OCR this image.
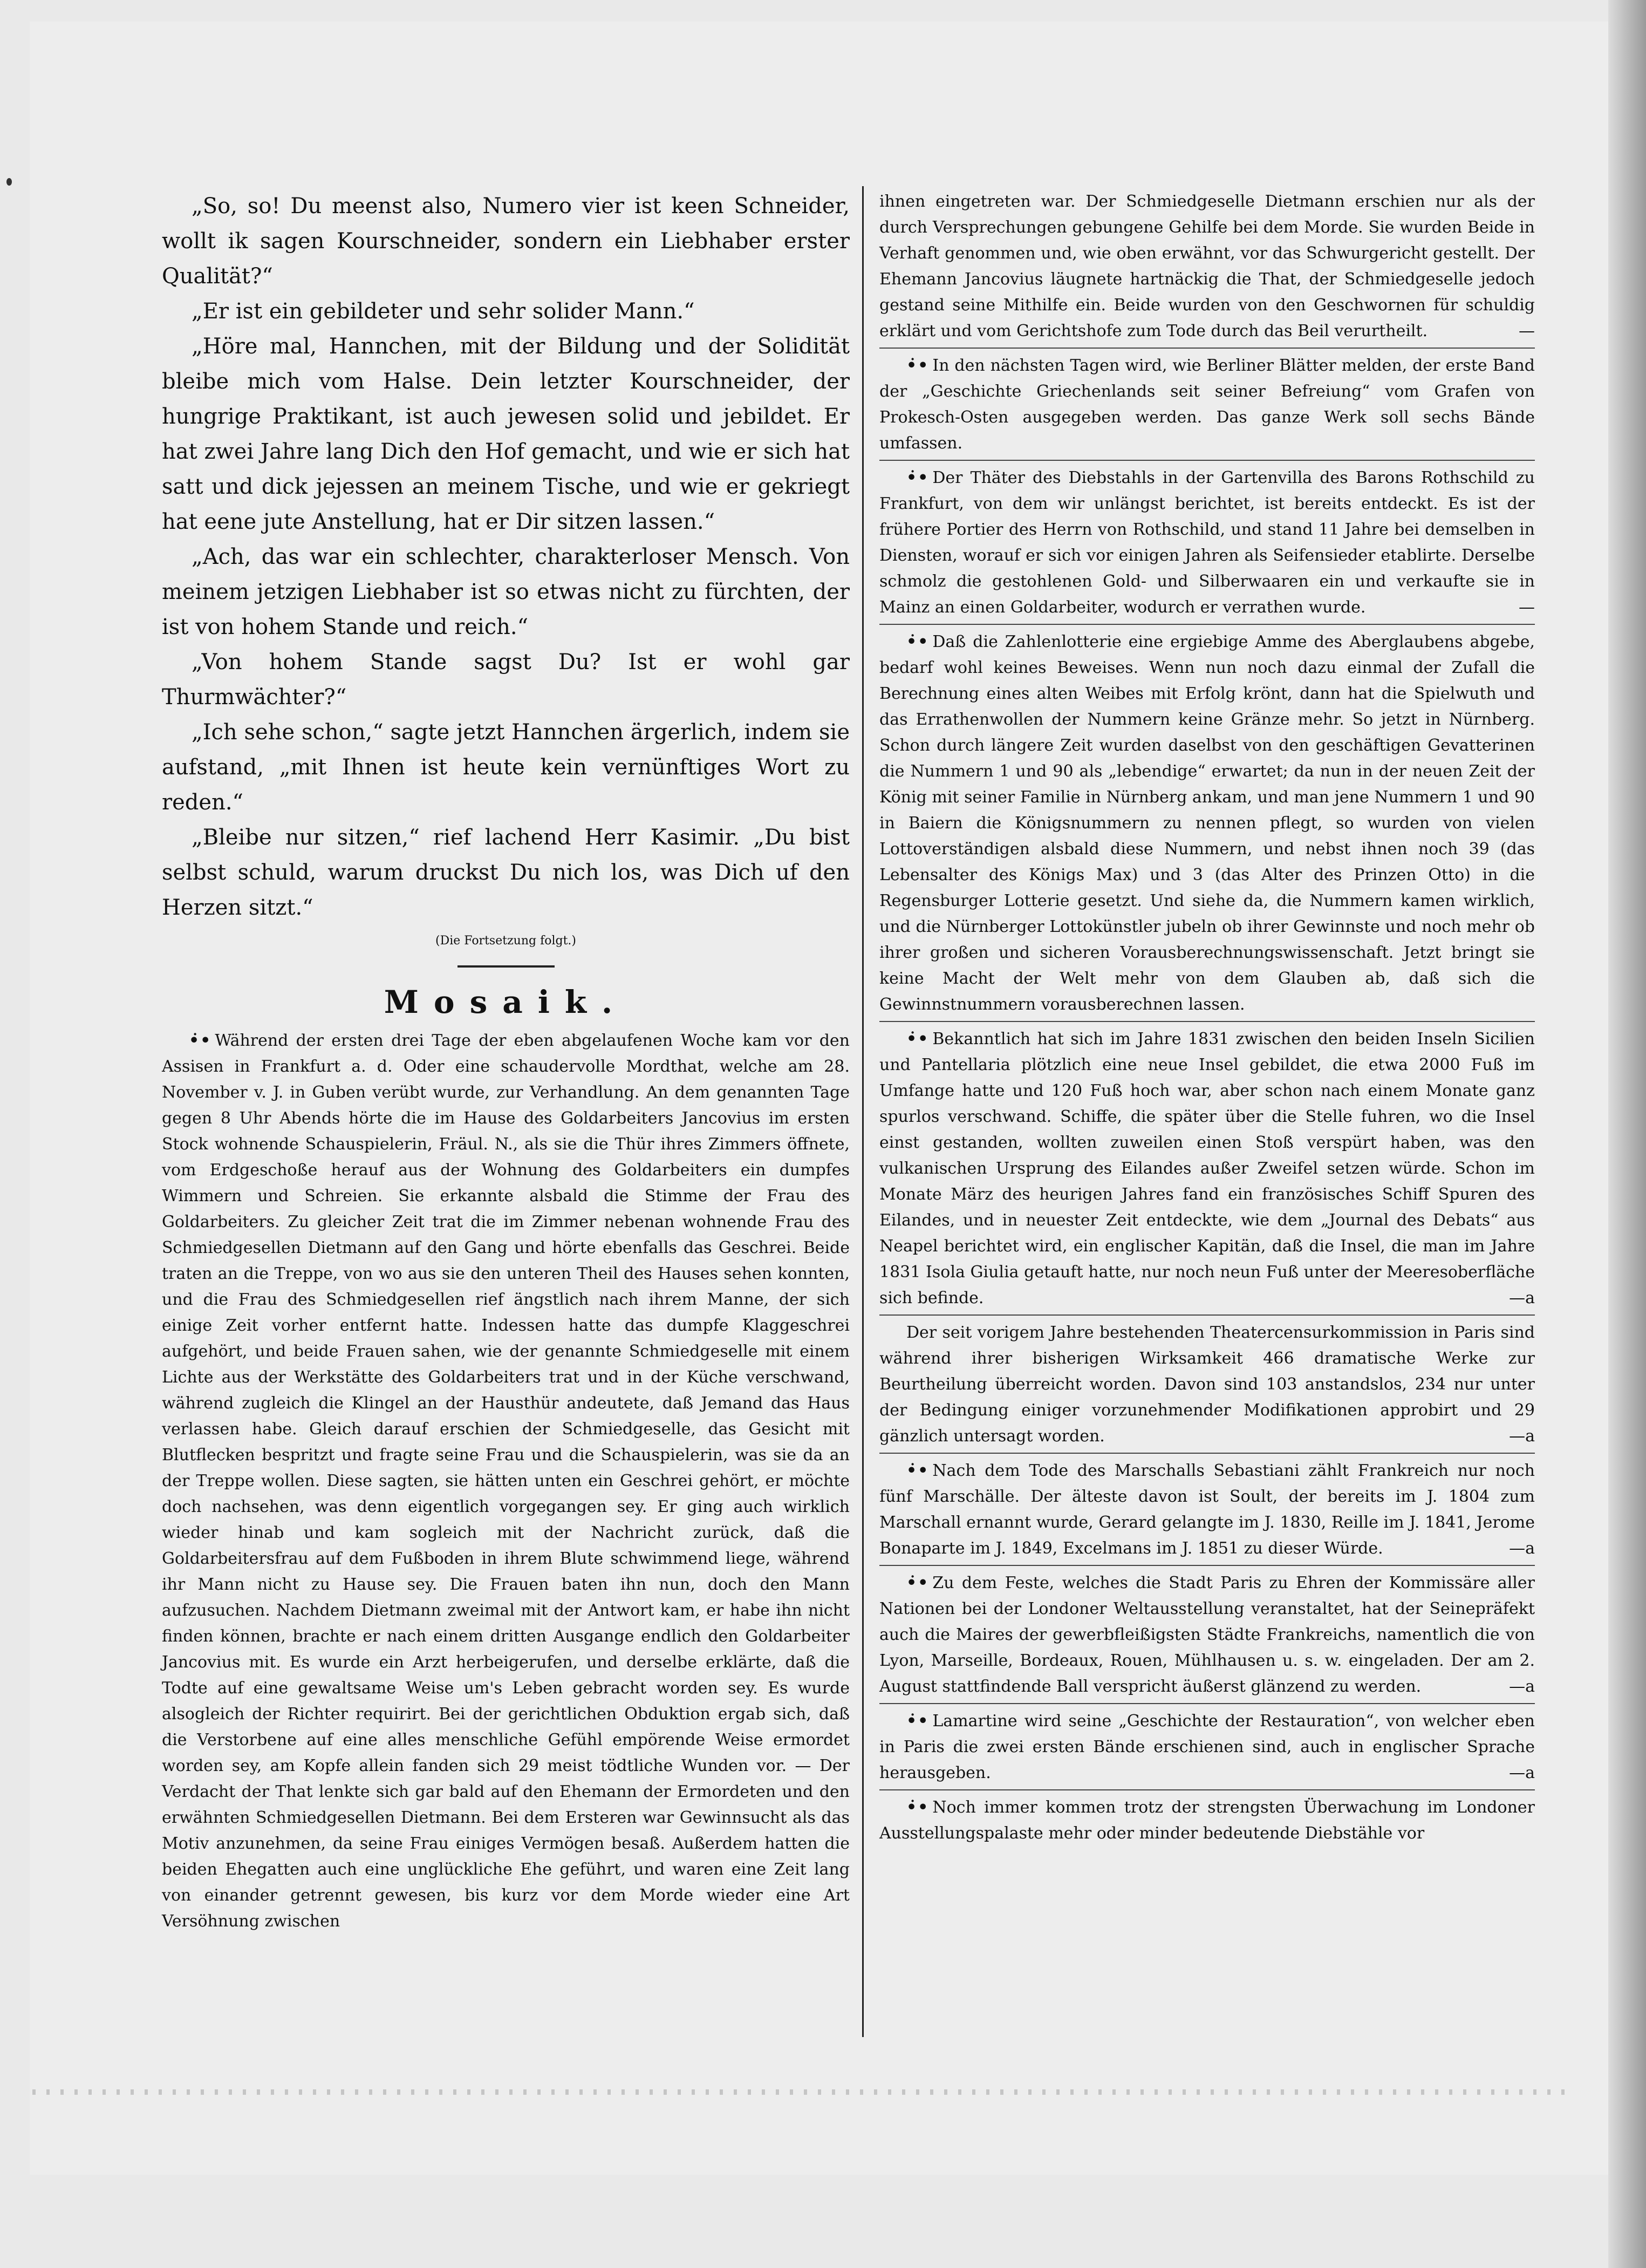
„So, so! Du meenst also, Numero vier ist keen Schneider, wollt ik sagen Kourschneider, sondern ein Liebhaber erster Qualität?“

„Er ist ein gebildeter und sehr solider Mann.“

„Höre mal, Hannchen, mit der Bildung und der Solidität bleibe mich vom Halse. Dein letzter Kourschneider, der hungrige Praktikant, ist auch jewesen solid und jebildet. Er hat zwei Jahre lang Dich den Hof gemacht, und wie er sich hat satt und dick jejessen an meinem Tische, und wie er gekriegt hat eene jute Anstellung, hat er Dir sitzen lassen.“

„Ach, das war ein schlechter, charakterloser Mensch. Von meinem jetzigen Liebhaber ist so etwas nicht zu fürchten, der ist von hohem Stande und reich.“

„Von hohem Stande sagst Du? Ist er wohl gar Thurmwächter?“

„Ich sehe schon,“ sagte jetzt Hannchen ärgerlich, indem sie aufstand, „mit Ihnen ist heute kein vernünftiges Wort zu reden.“

„Bleibe nur sitzen,“ rief lachend Herr Kasimir. „Du bist selbst schuld, warum druckst Du nich los, was Dich uf den Herzen sitzt.“

(Die Fortsetzung folgt.)
Mosaik.

•̇• Während der ersten drei Tage der eben abgelaufenen Woche kam vor den Assisen in Frankfurt a. d. Oder eine schaudervolle Mordthat, welche am 28. November v. J. in Guben verübt wurde, zur Verhandlung. An dem genannten Tage gegen 8 Uhr Abends hörte die im Hause des Goldarbeiters Jancovius im ersten Stock wohnende Schauspielerin, Fräul. N., als sie die Thür ihres Zimmers öffnete, vom Erdgeschoße herauf aus der Wohnung des Goldarbeiters ein dumpfes Wimmern und Schreien. Sie erkannte alsbald die Stimme der Frau des Goldarbeiters. Zu gleicher Zeit trat die im Zimmer nebenan wohnende Frau des Schmiedgesellen Dietmann auf den Gang und hörte ebenfalls das Geschrei. Beide traten an die Treppe, von wo aus sie den unteren Theil des Hauses sehen konnten, und die Frau des Schmiedgesellen rief ängstlich nach ihrem Manne, der sich einige Zeit vorher entfernt hatte. Indessen hatte das dumpfe Klaggeschrei aufgehört, und beide Frauen sahen, wie der genannte Schmiedgeselle mit einem Lichte aus der Werkstätte des Goldarbeiters trat und in der Küche verschwand, während zugleich die Klingel an der Hausthür andeutete, daß Jemand das Haus verlassen habe. Gleich darauf erschien der Schmiedgeselle, das Gesicht mit Blutflecken bespritzt und fragte seine Frau und die Schauspielerin, was sie da an der Treppe wollen. Diese sagten, sie hätten unten ein Geschrei gehört, er möchte doch nachsehen, was denn eigentlich vorgegangen sey. Er ging auch wirklich wieder hinab und kam sogleich mit der Nachricht zurück, daß die Goldarbeitersfrau auf dem Fußboden in ihrem Blute schwimmend liege, während ihr Mann nicht zu Hause sey. Die Frauen baten ihn nun, doch den Mann aufzusuchen. Nachdem Dietmann zweimal mit der Antwort kam, er habe ihn nicht finden können, brachte er nach einem dritten Ausgange endlich den Goldarbeiter Jancovius mit. Es wurde ein Arzt herbeigerufen, und derselbe erklärte, daß die Todte auf eine gewaltsame Weise um's Leben gebracht worden sey. Es wurde alsogleich der Richter requirirt. Bei der gerichtlichen Obduktion ergab sich, daß die Verstorbene auf eine alles menschliche Gefühl empörende Weise ermordet worden sey, am Kopfe allein fanden sich 29 meist tödtliche Wunden vor. — Der Verdacht der That lenkte sich gar bald auf den Ehemann der Ermordeten und den erwähnten Schmiedgesellen Dietmann. Bei dem Ersteren war Gewinnsucht als das Motiv anzunehmen, da seine Frau einiges Vermögen besaß. Außerdem hatten die beiden Ehegatten auch eine unglückliche Ehe geführt, und waren eine Zeit lang von einander getrennt gewesen, bis kurz vor dem Morde wieder eine Art Versöhnung zwischen

ihnen eingetreten war. Der Schmiedgeselle Dietmann erschien nur als der durch Versprechungen gebungene Gehilfe bei dem Morde. Sie wurden Beide in Verhaft genommen und, wie oben erwähnt, vor das Schwurgericht gestellt. Der Ehemann Jancovius läugnete hartnäckig die That, der Schmiedgeselle jedoch gestand seine Mithilfe ein. Beide wurden von den Geschwornen für schuldig erklärt und vom Gerichtshofe zum Tode durch das Beil verurtheilt.	—

•̇• In den nächsten Tagen wird, wie Berliner Blätter melden, der erste Band der „Geschichte Griechenlands seit seiner Befreiung“ vom Grafen von Prokesch-Osten ausgegeben werden. Das ganze Werk soll sechs Bände umfassen.

•̇• Der Thäter des Diebstahls in der Gartenvilla des Barons Rothschild zu Frankfurt, von dem wir unlängst berichtet, ist bereits entdeckt. Es ist der frühere Portier des Herrn von Rothschild, und stand 11 Jahre bei demselben in Diensten, worauf er sich vor einigen Jahren als Seifensieder etablirte. Derselbe schmolz die gestohlenen Gold- und Silberwaaren ein und verkaufte sie in Mainz an einen Goldarbeiter, wodurch er verrathen wurde.	—

•̇• Daß die Zahlenlotterie eine ergiebige Amme des Aberglaubens abgebe, bedarf wohl keines Beweises. Wenn nun noch dazu einmal der Zufall die Berechnung eines alten Weibes mit Erfolg krönt, dann hat die Spielwuth und das Errathenwollen der Nummern keine Gränze mehr. So jetzt in Nürnberg. Schon durch längere Zeit wurden daselbst von den geschäftigen Gevatterinen die Nummern 1 und 90 als „lebendige“ erwartet; da nun in der neuen Zeit der König mit seiner Familie in Nürnberg ankam, und man jene Nummern 1 und 90 in Baiern die Königsnummern zu nennen pflegt, so wurden von vielen Lottoverständigen alsbald diese Nummern, und nebst ihnen noch 39 (das Lebensalter des Königs Max) und 3 (das Alter des Prinzen Otto) in die Regensburger Lotterie gesetzt. Und siehe da, die Nummern kamen wirklich, und die Nürnberger Lottokünstler jubeln ob ihrer Gewinnste und noch mehr ob ihrer großen und sicheren Vorausberechnungswissenschaft. Jetzt bringt sie keine Macht der Welt mehr von dem Glauben ab, daß sich die Gewinnstnummern vorausberechnen lassen.

•̇• Bekanntlich hat sich im Jahre 1831 zwischen den beiden Inseln Sicilien und Pantellaria plötzlich eine neue Insel gebildet, die etwa 2000 Fuß im Umfange hatte und 120 Fuß hoch war, aber schon nach einem Monate ganz spurlos verschwand. Schiffe, die später über die Stelle fuhren, wo die Insel einst gestanden, wollten zuweilen einen Stoß verspürt haben, was den vulkanischen Ursprung des Eilandes außer Zweifel setzen würde. Schon im Monate März des heurigen Jahres fand ein französisches Schiff Spuren des Eilandes, und in neuester Zeit entdeckte, wie dem „Journal des Debats“ aus Neapel berichtet wird, ein englischer Kapitän, daß die Insel, die man im Jahre 1831 Isola Giulia getauft hatte, nur noch neun Fuß unter der Meeresoberfläche sich befinde.	—a

Der seit vorigem Jahre bestehenden Theatercensurkommission in Paris sind während ihrer bisherigen Wirksamkeit 466 dramatische Werke zur Beurtheilung überreicht worden. Davon sind 103 anstandslos, 234 nur unter der Bedingung einiger vorzunehmender Modifikationen approbirt und 29 gänzlich untersagt worden.	—a

•̇• Nach dem Tode des Marschalls Sebastiani zählt Frankreich nur noch fünf Marschälle. Der älteste davon ist Soult, der bereits im J. 1804 zum Marschall ernannt wurde, Gerard gelangte im J. 1830, Reille im J. 1841, Jerome Bonaparte im J. 1849, Excelmans im J. 1851 zu dieser Würde.	—a

•̇• Zu dem Feste, welches die Stadt Paris zu Ehren der Kommissäre aller Nationen bei der Londoner Weltausstellung veranstaltet, hat der Seinepräfekt auch die Maires der gewerbfleißigsten Städte Frankreichs, namentlich die von Lyon, Marseille, Bordeaux, Rouen, Mühlhausen u. s. w. eingeladen. Der am 2. August stattfindende Ball verspricht äußerst glänzend zu werden.	—a

•̇• Lamartine wird seine „Geschichte der Restauration“, von welcher eben in Paris die zwei ersten Bände erschienen sind, auch in englischer Sprache herausgeben.	—a

•̇• Noch immer kommen trotz der strengsten Überwachung im Londoner Ausstellungspalaste mehr oder minder bedeutende Diebstähle vor
